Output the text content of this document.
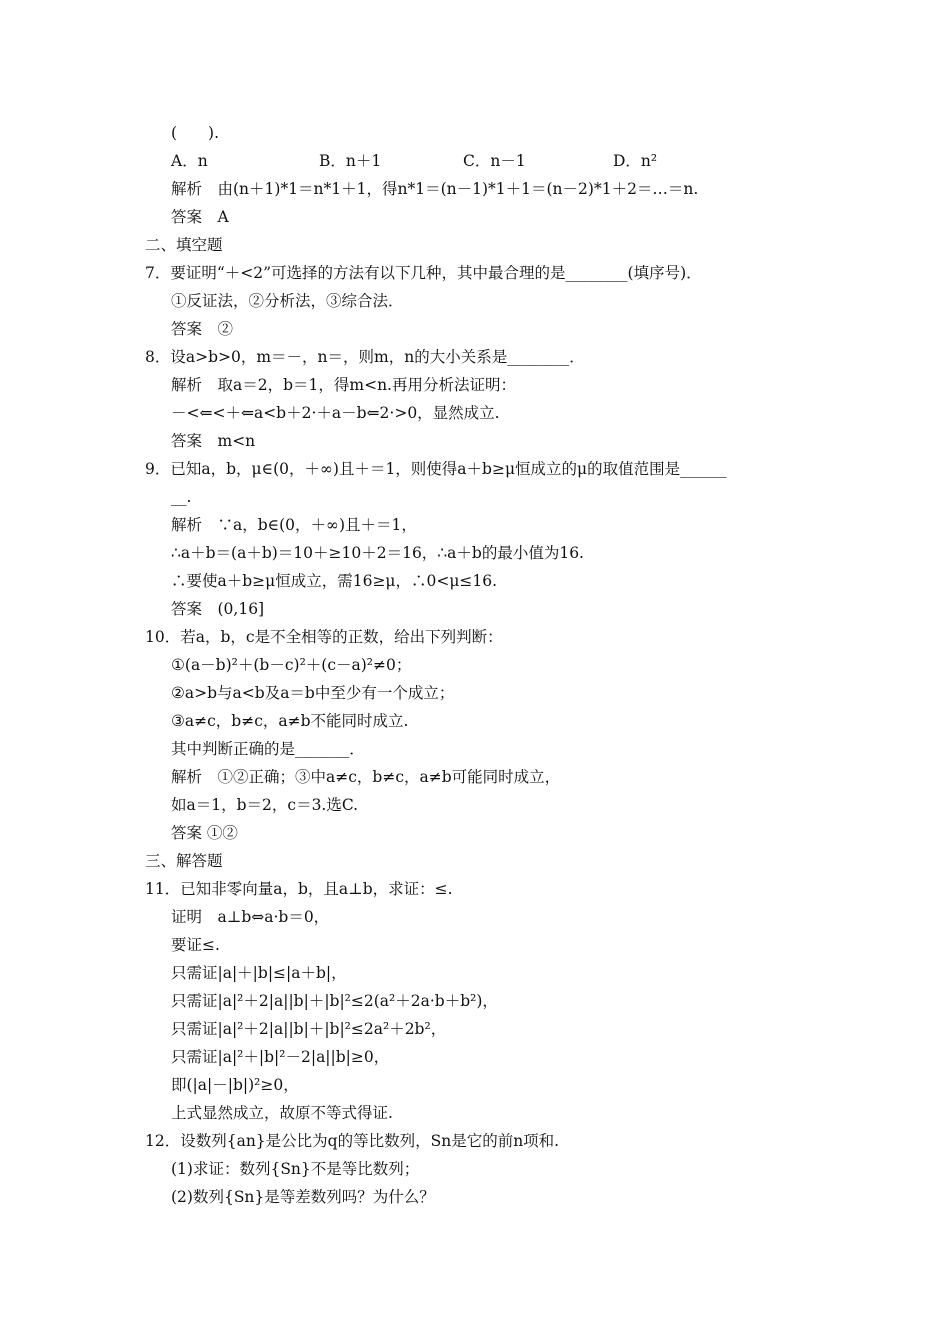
(　　).
A．n	B．n＋1	C．n－1	D．n²
解析　由(n＋1)*1＝n*1＋1，得n*1＝(n－1)*1＋1＝(n－2)*1＋2＝…＝n.
答案　A
二、填空题
7．要证明“＋<2”可选择的方法有以下几种，其中最合理的是________(填序号)．
①反证法，②分析法，③综合法．
答案　②
8．设a>b>0，m＝－，n＝，则m，n的大小关系是________．
解析　取a＝2，b＝1，得m<n.再用分析法证明：
－<⇐<＋⇐a<b＋2·＋a－b⇐2·>0，显然成立.
答案　m<n
9．已知a，b，μ∈(0，＋∞)且＋＝1，则使得a＋b≥μ恒成立的μ的取值范围是______
__.
解析　∵a，b∈(0，＋∞)且＋＝1，
∴a＋b＝(a＋b)＝10＋≥10＋2＝16，∴a＋b的最小值为16.
∴要使a＋b≥μ恒成立，需16≥μ，∴0<μ≤16.
答案　(0,16]
10．若a，b，c是不全相等的正数，给出下列判断：
①(a－b)²＋(b－c)²＋(c－a)²≠0；
②a>b与a<b及a＝b中至少有一个成立；
③a≠c，b≠c，a≠b不能同时成立.
其中判断正确的是_______．
解析　①②正确；③中a≠c，b≠c，a≠b可能同时成立，
如a＝1，b＝2，c＝3.选C.
答案 ①②
三、解答题
11．已知非零向量a，b，且a⊥b，求证：≤.
证明　a⊥b⇔a·b＝0，
要证≤.
只需证|a|＋|b|≤|a＋b|，
只需证|a|²＋2|a||b|＋|b|²≤2(a²＋2a·b＋b²)，
只需证|a|²＋2|a||b|＋|b|²≤2a²＋2b²，
只需证|a|²＋|b|²－2|a||b|≥0，
即(|a|－|b|)²≥0，
上式显然成立，故原不等式得证.
12．设数列{an}是公比为q的等比数列，Sn是它的前n项和.
(1)求证：数列{Sn}不是等比数列；
(2)数列{Sn}是等差数列吗？为什么？
